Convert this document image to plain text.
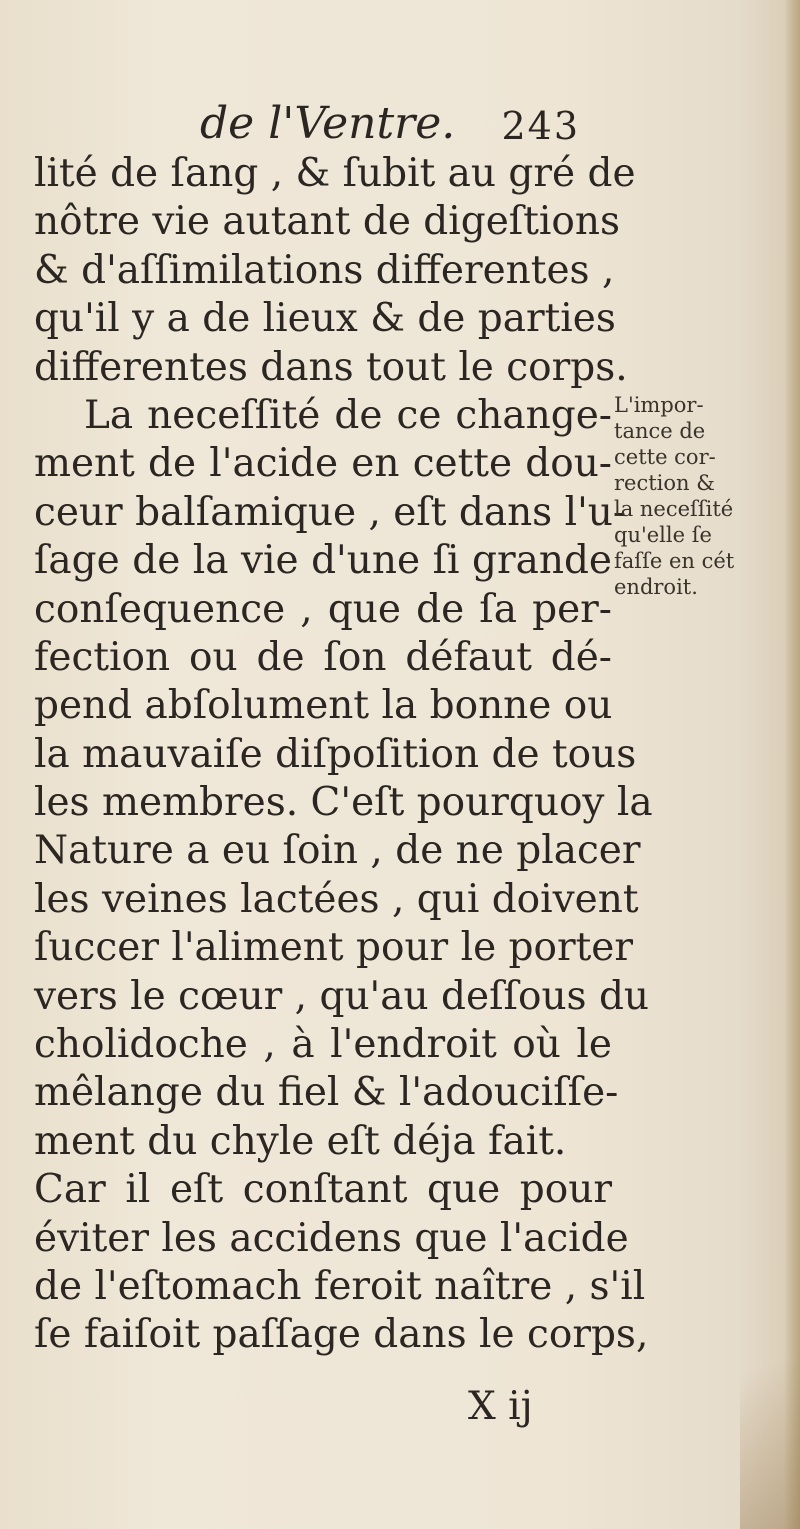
de l'Ventre. 243
lité de ſang , & ſubit au gré de
nôtre vie autant de digeſtions
& d'aſſimilations differentes ,
qu'il y a de lieux & de parties
differentes dans tout le corps.
La neceſſité de ce change-
ment de l'acide en cette dou-
ceur balſamique , eſt dans l'u-
ſage de la vie d'une ſi grande
conſequence , que de ſa per-
fection ou de ſon défaut dé-
pend abſolument la bonne ou
la mauvaiſe diſpoſition de tous
les membres. C'eſt pourquoy la
Nature a eu ſoin , de ne placer
les veines lactées , qui doivent
ſuccer l'aliment pour le porter
vers le cœur , qu'au deſſous du
cholidoche , à l'endroit où le
mêlange du fiel & l'adouciſſe-
ment du chyle eſt déja fait.
Car il eſt conſtant que pour
éviter les accidens que l'acide
de l'eſtomach feroit naître , s'il
ſe faiſoit paſſage dans le corps,
L'impor-
tance de
cette cor-
rection &
la neceſſité
qu'elle ſe
faſſe en cét
endroit.
X ij
